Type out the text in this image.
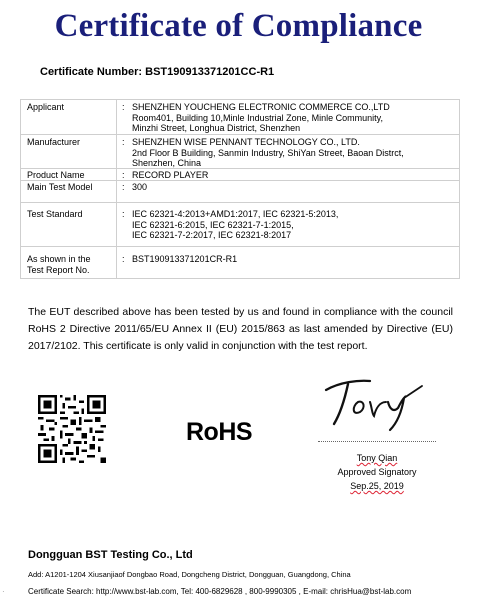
Certificate of Compliance
Certificate Number: BST190913371201CC-R1
Applicant	: SHENZHEN YOUCHENG ELECTRONIC COMMERCE CO.,LTD
Room401, Building 10,Minle Industrial Zone, Minle Community,
Minzhi Street, Longhua District, Shenzhen
Manufacturer	: SHENZHEN WISE PENNANT TECHNOLOGY CO., LTD.
2nd Floor B Building, Sanmin Industry, ShiYan Street, Baoan Distrct,
Shenzhen, China
Product Name	: RECORD PLAYER
Main Test Model	: 300
Test Standard	: IEC 62321-4:2013+AMD1:2017, IEC 62321-5:2013,
IEC 62321-6:2015, IEC 62321-7-1:2015,
IEC 62321-7-2:2017, IEC 62321-8:2017
As shown in the
Test Report No.
: BST190913371201CR-R1
The EUT described above has been tested by us and found in compliance with the council RoHS 2 Directive 2011/65/EU Annex II (EU) 2015/863 as last amended by Directive (EU) 2017/2102. This certificate is only valid in conjunction with the test report.
RoHS
Tony Qian
Approved Signatory
Sep.25, 2019
Dongguan BST Testing Co., Ltd
Add: A1201-1204 Xiusanjiaof Dongbao Road, Dongcheng District, Dongguan, Guangdong, China
Certificate Search: http://www.bst-lab.com, Tel: 400-6829628 , 800-9990305 , E-mail: chrisHua@bst-lab.com
·
